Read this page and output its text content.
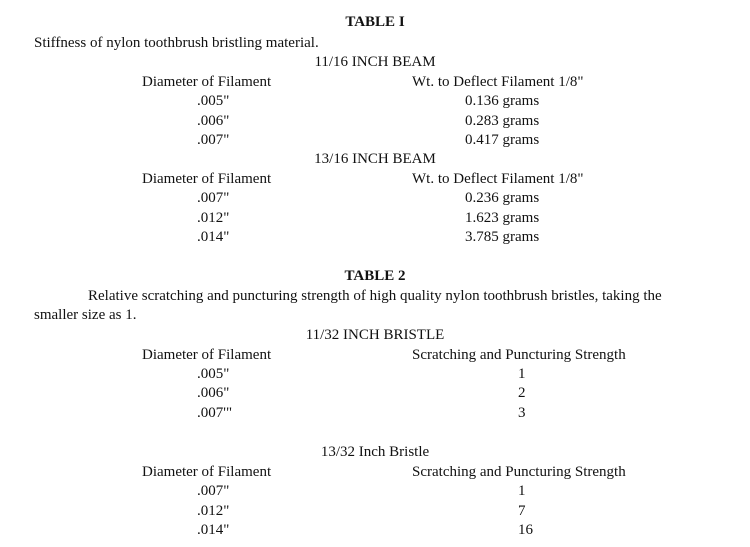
TABLE I
Stiffness of nylon toothbrush bristling material.
11/16 INCH BEAM
Diameter of Filament	Wt. to Deflect Filament 1/8"
.005"	0.136 grams
.006"	0.283 grams
.007"	0.417 grams
13/16 INCH BEAM
Diameter of Filament	Wt. to Deflect Filament 1/8"
.007"	0.236 grams
.012"	1.623 grams
.014"	3.785 grams
TABLE 2
Relative scratching and puncturing strength of high quality nylon toothbrush bristles, taking the
smaller size as 1.
11/32 INCH BRISTLE
Diameter of Filament	Scratching and Puncturing Strength
.005"	1
.006"	2
.007'"	3
13/32 Inch Bristle
Diameter of Filament	Scratching and Puncturing Strength
.007"	1
.012"	7
.014"	16
